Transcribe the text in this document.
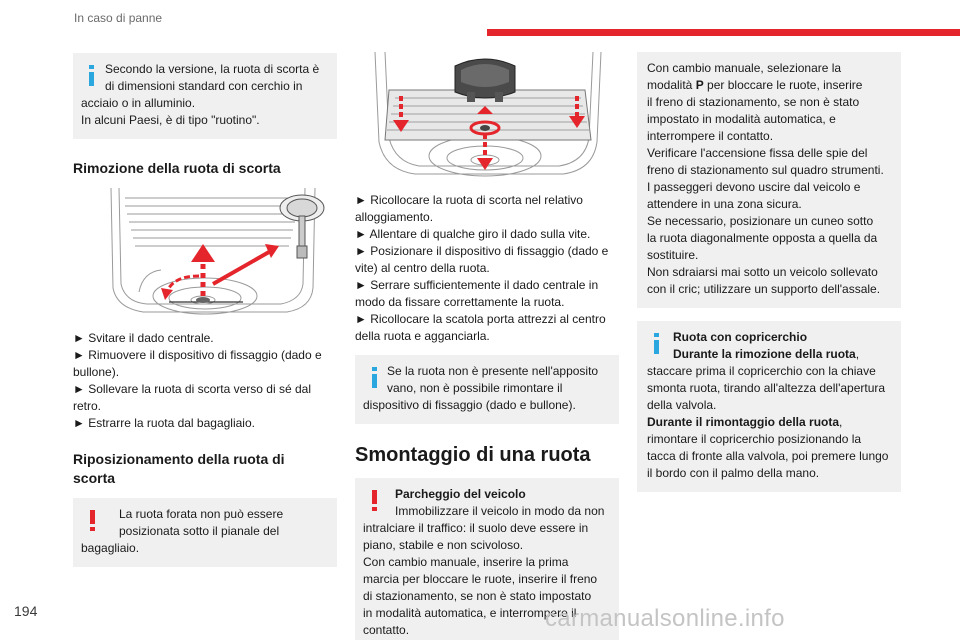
In caso di panne
Secondo la versione, la ruota di scorta è
di dimensioni standard con cerchio in
acciaio o in alluminio.
In alcuni Paesi, è di tipo "ruotino".
Rimozione della ruota di scorta
► Svitare il dado centrale.
► Rimuovere il dispositivo di fissaggio (dado e
bullone).
► Sollevare la ruota di scorta verso di sé dal
retro.
► Estrarre la ruota dal bagagliaio.
Riposizionamento della ruota di
scorta
La ruota forata non può essere
posizionata sotto il pianale del
bagagliaio.
► Ricollocare la ruota di scorta nel relativo
alloggiamento.
► Allentare di qualche giro il dado sulla vite.
► Posizionare il dispositivo di fissaggio (dado e
vite) al centro della ruota.
► Serrare sufficientemente il dado centrale in
modo da fissare correttamente la ruota.
► Ricollocare la scatola porta attrezzi al centro
della ruota e agganciarla.
Se la ruota non è presente nell'apposito
vano, non è possibile rimontare il
dispositivo di fissaggio (dado e bullone).
Smontaggio di una ruota
Parcheggio del veicolo
Immobilizzare il veicolo in modo da non
intralciare il traffico: il suolo deve essere in
piano, stabile e non scivoloso.
Con cambio manuale, inserire la prima
marcia per bloccare le ruote, inserire il freno
di stazionamento, se non è stato impostato
in modalità automatica, e interrompere il
contatto.
Con cambio manuale, selezionare la
modalità P per bloccare le ruote, inserire
il freno di stazionamento, se non è stato
impostato in modalità automatica, e
interrompere il contatto.
Verificare l'accensione fissa delle spie del
freno di stazionamento sul quadro strumenti.
I passeggeri devono uscire dal veicolo e
attendere in una zona sicura.
Se necessario, posizionare un cuneo sotto
la ruota diagonalmente opposta a quella da
sostituire.
Non sdraiarsi mai sotto un veicolo sollevato
con il cric; utilizzare un supporto dell'assale.
Ruota con copricerchio
Durante la rimozione della ruota,
staccare prima il copricerchio con la chiave
smonta ruota, tirando all'altezza dell'apertura
della valvola.
Durante il rimontaggio della ruota,
rimontare il copricerchio posizionando la
tacca di fronte alla valvola, poi premere lungo
il bordo con il palmo della mano.
194	carmanualsonline.info
